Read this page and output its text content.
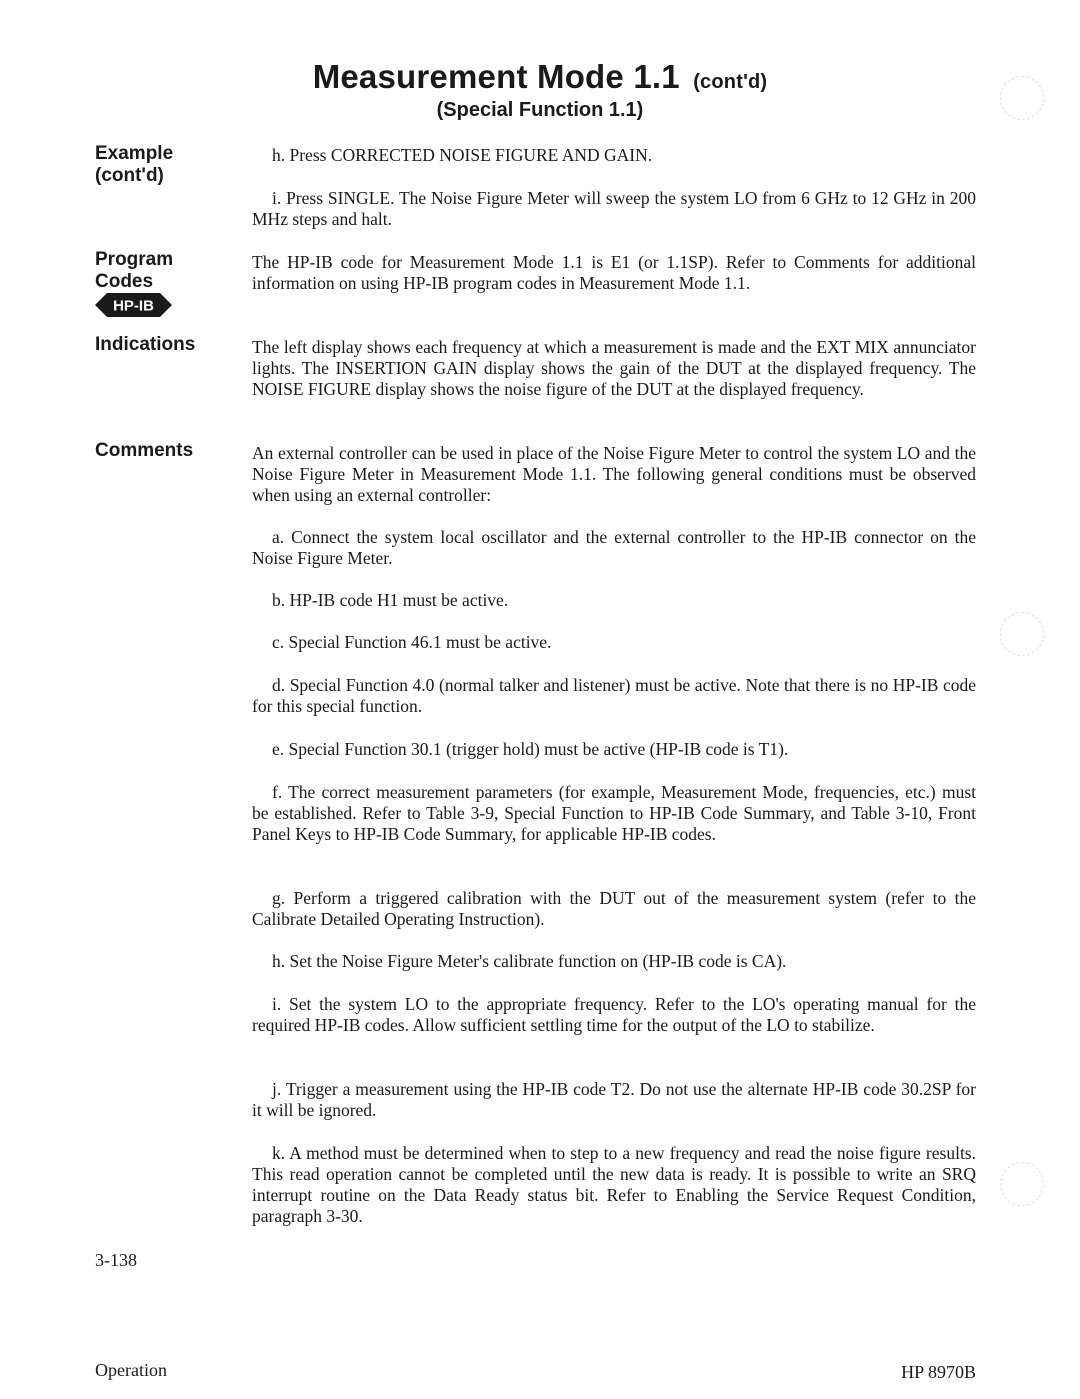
Measurement Mode 1.1 (cont'd)
(Special Function 1.1)
Example
(cont'd)
Program
Codes
HP-IB
Indications
Comments
h. Press CORRECTED NOISE FIGURE AND GAIN.
i. Press SINGLE. The Noise Figure Meter will sweep the system LO from 6 GHz to 12 GHz in 200 MHz steps and halt.
The HP-IB code for Measurement Mode 1.1 is E1 (or 1.1SP). Refer to Comments for additional information on using HP-IB program codes in Measurement Mode 1.1.
The left display shows each frequency at which a measurement is made and the EXT MIX annunciator lights. The INSERTION GAIN display shows the gain of the DUT at the displayed frequency. The NOISE FIGURE display shows the noise figure of the DUT at the displayed frequency.
An external controller can be used in place of the Noise Figure Meter to control the system LO and the Noise Figure Meter in Measurement Mode 1.1. The following general conditions must be observed when using an external controller:
a. Connect the system local oscillator and the external controller to the HP-IB connector on the Noise Figure Meter.
b. HP-IB code H1 must be active.
c. Special Function 46.1 must be active.
d. Special Function 4.0 (normal talker and listener) must be active. Note that there is no HP-IB code for this special function.
e. Special Function 30.1 (trigger hold) must be active (HP-IB code is T1).
f. The correct measurement parameters (for example, Measurement Mode, frequencies, etc.) must be established. Refer to Table 3-9, Special Function to HP-IB Code Summary, and Table 3-10, Front Panel Keys to HP-IB Code Summary, for applicable HP-IB codes.
g. Perform a triggered calibration with the DUT out of the measurement system (refer to the Calibrate Detailed Operating Instruction).
h. Set the Noise Figure Meter's calibrate function on (HP-IB code is CA).
i. Set the system LO to the appropriate frequency. Refer to the LO's operating manual for the required HP-IB codes. Allow sufficient settling time for the output of the LO to stabilize.
j. Trigger a measurement using the HP-IB code T2. Do not use the alternate HP-IB code 30.2SP for it will be ignored.
k. A method must be determined when to step to a new frequency and read the noise figure results. This read operation cannot be completed until the new data is ready. It is possible to write an SRQ interrupt routine on the Data Ready status bit. Refer to Enabling the Service Request Condition, paragraph 3-30.
3-138
Operation	HP 8970B
